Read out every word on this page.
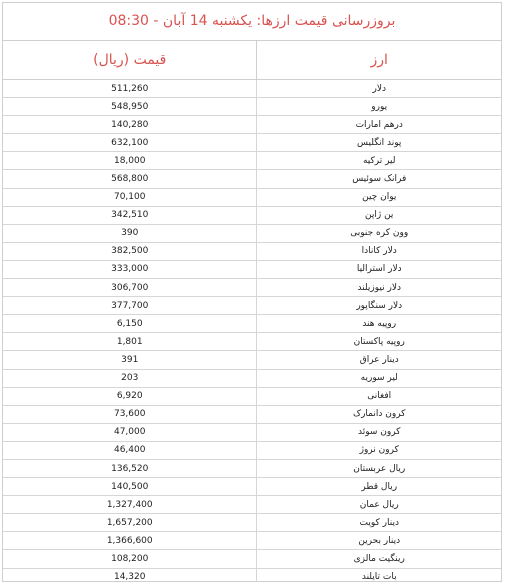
بروزرسانی قیمت ارزها: یکشنبه 14 آبان - 08:30
ارز	قیمت (ریال)
دلار	511,260
یورو	548,950
درهم امارات	140,280
پوند انگلیس	632,100
لیر ترکیه	18,000
فرانک سوئیس	568,800
یوان چین	70,100
ین ژاپن	342,510
وون کره جنوبی	390
دلار کانادا	382,500
دلار استرالیا	333,000
دلار نیوزیلند	306,700
دلار سنگاپور	377,700
روپیه هند	6,150
روپیه پاکستان	1,801
دینار عراق	391
لیر سوریه	203
افغانی	6,920
کرون دانمارک	73,600
کرون سوئد	47,000
کرون نروژ	46,400
ریال عربستان	136,520
ریال قطر	140,500
ریال عمان	1,327,400
دینار کویت	1,657,200
دینار بحرین	1,366,600
رینگیت مالزی	108,200
بات تایلند	14,320
